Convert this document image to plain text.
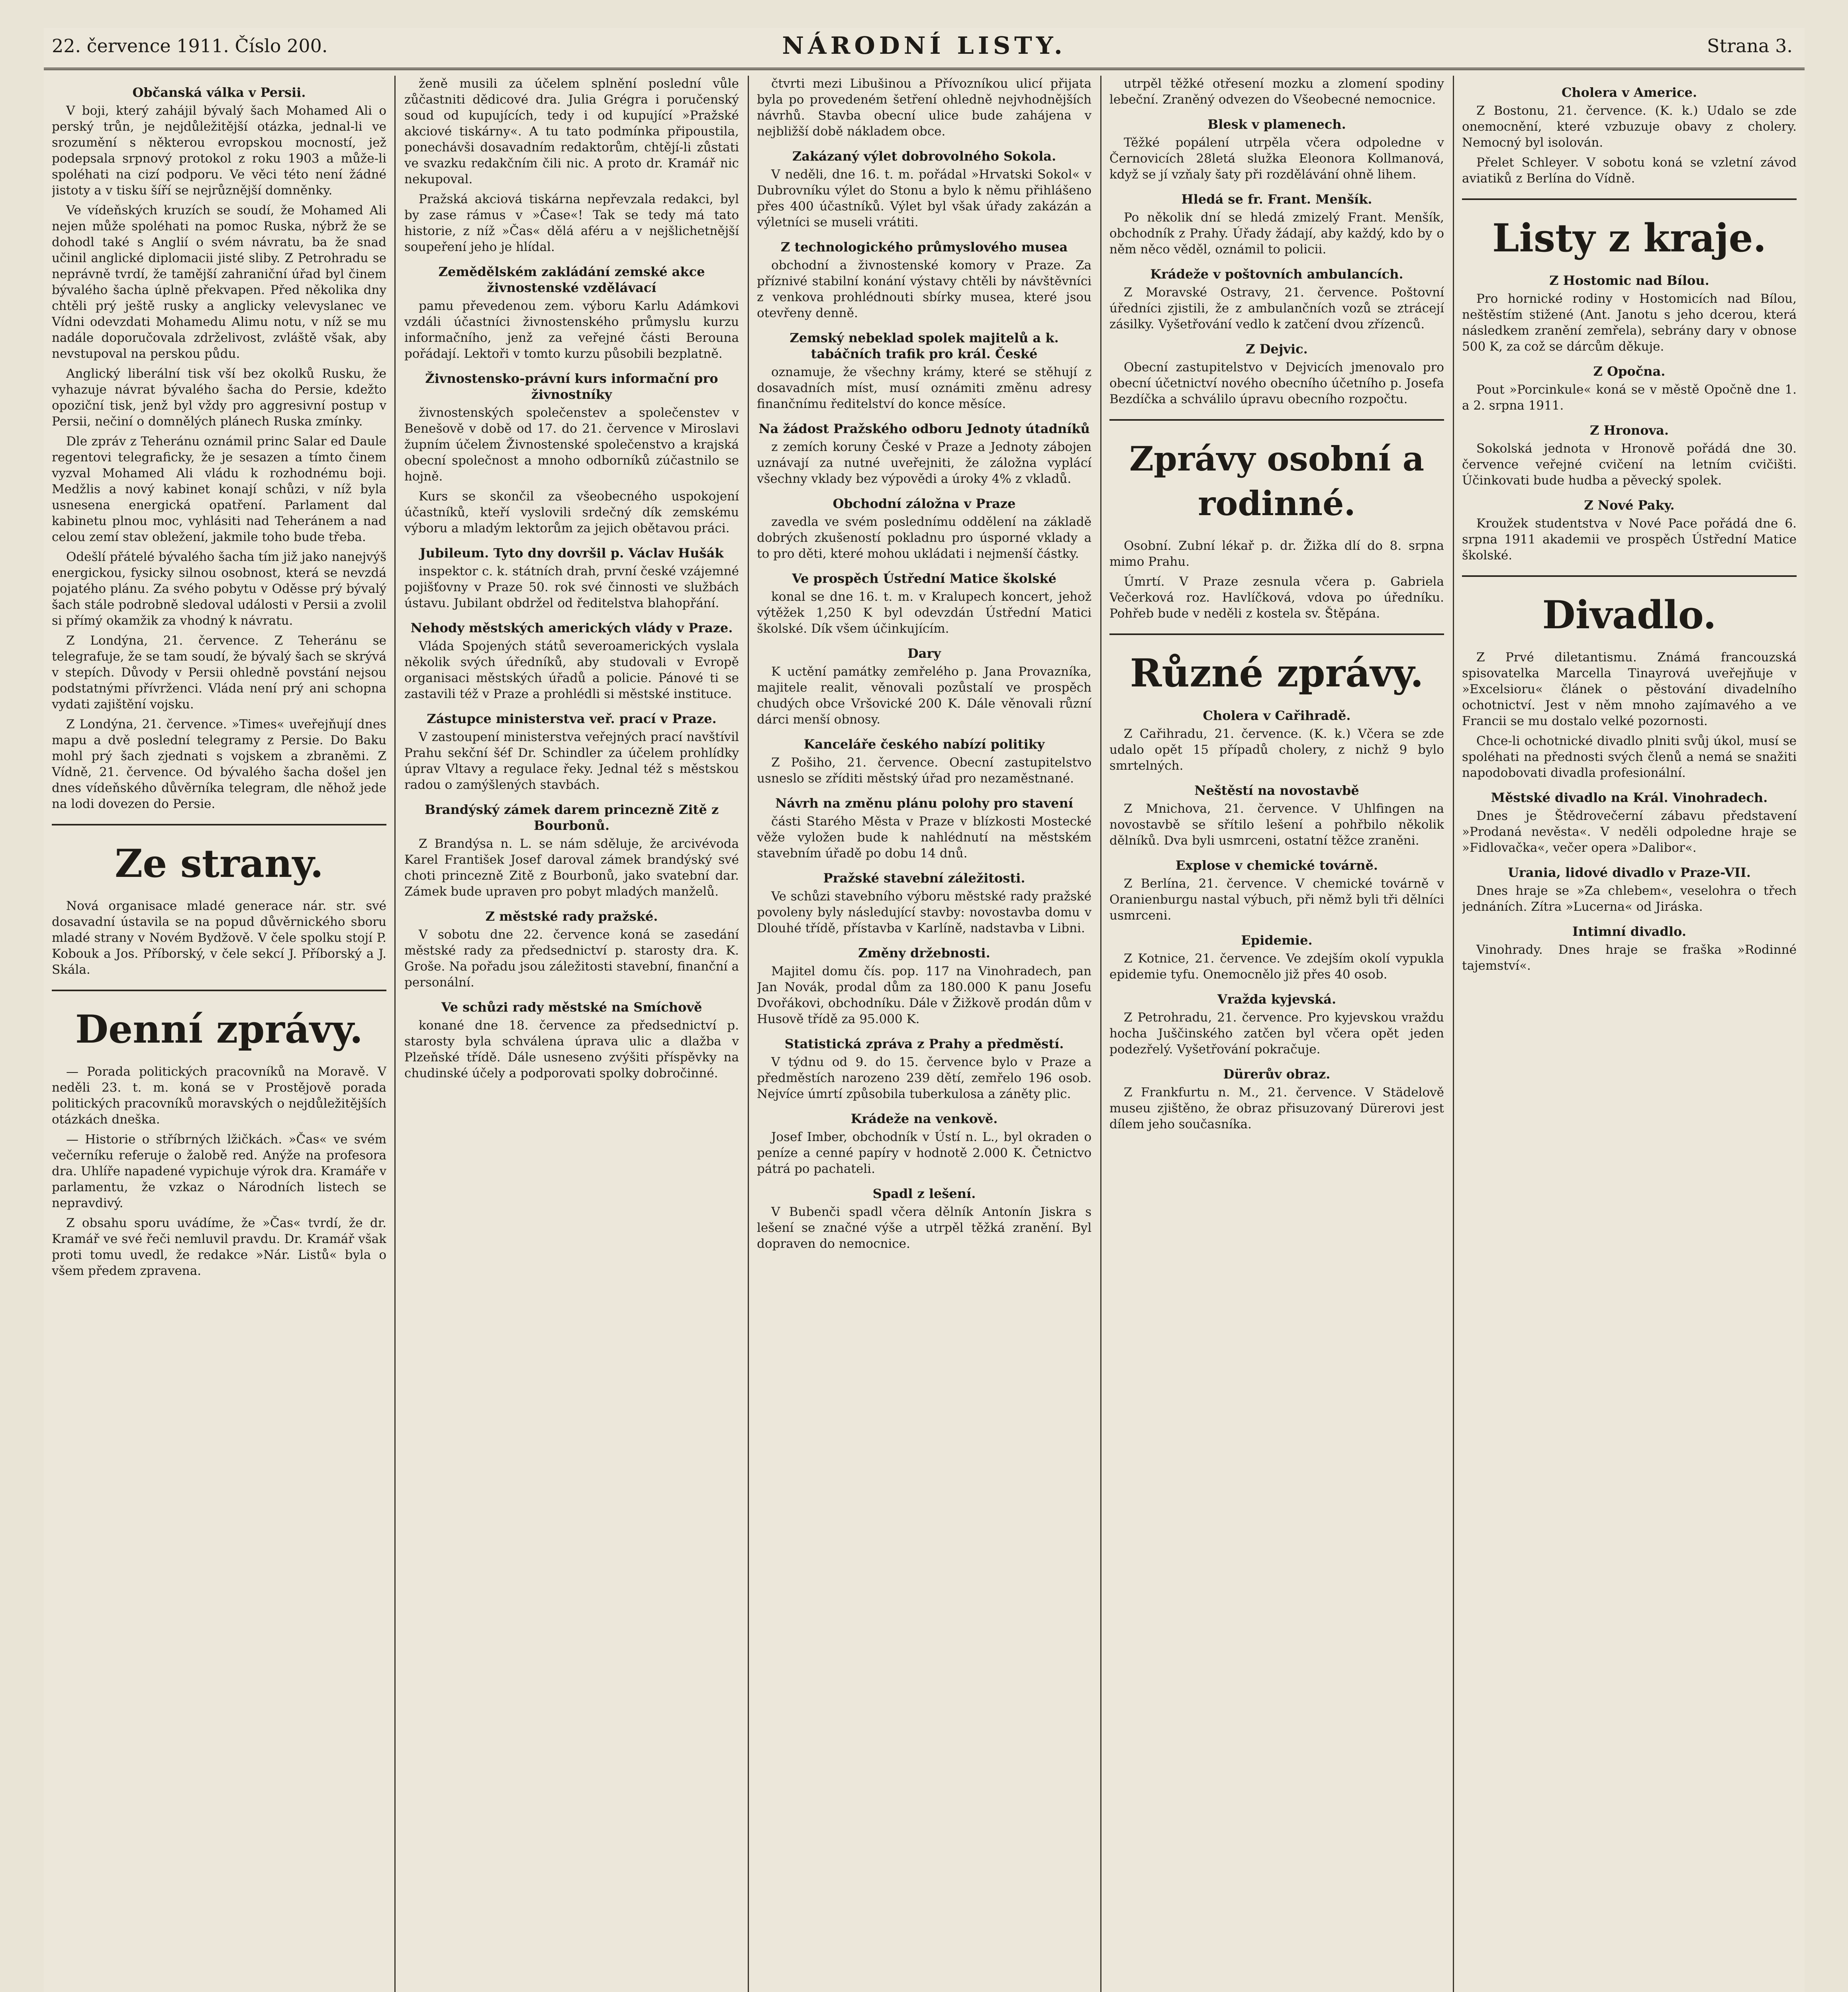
22. července 1911. Číslo 200.	NÁRODNÍ LISTY.	Strana 3.
Občanská válka v Persii.

V boji, který zahájil bývalý šach Mohamed Ali o perský trůn, je nejdůležitější otázka, jednal-li ve srozumění s některou evropskou mocností, jež podepsala srpnový protokol z roku 1903 a může-li spoléhati na cizí podporu. Ve věci této není žádné jistoty a v tisku šíří se nejrůznější domněnky.

Ve vídeňských kruzích se soudí, že Mohamed Ali nejen může spoléhati na pomoc Ruska, nýbrž že se dohodl také s Anglií o svém návratu, ba že snad učinil anglické diplomacii jisté sliby. Z Petrohradu se neprávně tvrdí, že tamější zahraniční úřad byl činem bývalého šacha úplně překvapen. Před několika dny chtěli prý ještě rusky a anglicky velevyslanec ve Vídni odevzdati Mohamedu Alimu notu, v níž se mu nadále doporučovala zdrželivost, zvláště však, aby nevstupoval na perskou půdu.

Anglický liberální tisk vší bez okolků Rusku, že vyhazuje návrat bývalého šacha do Persie, kdežto opoziční tisk, jenž byl vždy pro aggresivní postup v Persii, nečiní o domnělých plánech Ruska zmínky.

Dle zpráv z Teheránu oznámil princ Salar ed Daule regentovi telegraficky, že je sesazen a tímto činem vyzval Mohamed Ali vládu k rozhodnému boji. Medžlis a nový kabinet konají schůzi, v níž byla usnesena energická opatření. Parlament dal kabinetu plnou moc, vyhlásiti nad Teheránem a nad celou zemí stav obležení, jakmile toho bude třeba.

Odešlí přátelé bývalého šacha tím již jako nanejvýš energickou, fysicky silnou osobnost, která se nevzdá pojatého plánu. Za svého pobytu v Oděsse prý bývalý šach stále podrobně sledoval události v Persii a zvolil si přímý okamžik za vhodný k návratu.

Z Londýna, 21. července. Z Teheránu se telegrafuje, že se tam soudí, že bývalý šach se skrývá v stepích. Důvody v Persii ohledně povstání nejsou podstatnými přívrženci. Vláda není prý ani schopna vydati zajištění vojsku.

Z Londýna, 21. července. »Times« uveřejňují dnes mapu a dvě poslední telegramy z Persie. Do Baku mohl prý šach zjednati s vojskem a zbraněmi. Z Vídně, 21. července. Od bývalého šacha došel jen dnes vídeňského důvěrníka telegram, dle něhož jede na lodi dovezen do Persie.

Ze strany.

Nová organisace mladé generace nár. str. své dosavadní ústavila se na popud důvěrnického sboru mladé strany v Novém Bydžově. V čele spolku stojí P. Kobouk a Jos. Příborský, v čele sekcí J. Příborský a J. Skála.

Denní zprávy.

— Porada politických pracovníků na Moravě. V neděli 23. t. m. koná se v Prostějově porada politických pracovníků moravských o nejdůležitějších otázkách dneška.

— Historie o stříbrných lžičkách. »Čas« ve svém večerníku referuje o žalobě red. Anýže na profesora dra. Uhlíře napadené vypichuje výrok dra. Kramáře v parlamentu, že vzkaz o Národních listech se nepravdivý.

Z obsahu sporu uvádíme, že »Čas« tvrdí, že dr. Kramář ve své řeči nemluvil pravdu. Dr. Kramář však proti tomu uvedl, že redakce »Nár. Listů« byla o všem předem zpravena.

ženě musili za účelem splnění poslední vůle zůčastniti dědicové dra. Julia Grégra i poručenský soud od kupujících, tedy i od kupující »Pražské akciové tiskárny«. A tu tato podmínka připoustila, ponechávši dosavadním redaktorům, chtějí-li zůstati ve svazku redakčním čili nic. A proto dr. Kramář nic nekupoval.

Pražská akciová tiskárna nepřevzala redakci, byl by zase rámus v »Čase«! Tak se tedy má tato historie, z níž »Čas« dělá aféru a v nejšlichetnější soupeření jeho je hlídal.

Zemědělském zakládání zemské akce živnostenské vzdělávací

pamu převedenou zem. výboru Karlu Adámkovi vzdáli účastníci živnostenského průmyslu kurzu informačního, jenž za veřejné části Berouna pořádají. Lektoři v tomto kurzu působili bezplatně.

Živnostensko-právní kurs informační pro živnostníky

živnostenských společenstev a společenstev v Benešově v době od 17. do 21. července v Miroslavi župním účelem Živnostenské společenstvo a krajská obecní společnost a mnoho odborníků zúčastnilo se hojně.

Kurs se skončil za všeobecného uspokojení účastníků, kteří vyslovili srdečný dík zemskému výboru a mladým lektorům za jejich obětavou práci.

Jubileum. Tyto dny dovršil p. Václav Hušák

inspektor c. k. státních drah, první české vzájemné pojišťovny v Praze 50. rok své činnosti ve službách ústavu. Jubilant obdržel od ředitelstva blahopřání.

Nehody městských amerických vlády v Praze.

Vláda Spojených států severoamerických vyslala několik svých úředníků, aby studovali v Evropě organisaci městských úřadů a policie. Pánové ti se zastavili též v Praze a prohlédli si městské instituce.

Zástupce ministerstva veř. prací v Praze.

V zastoupení ministerstva veřejných prací navštívil Prahu sekční šéf Dr. Schindler za účelem prohlídky úprav Vltavy a regulace řeky. Jednal též s městskou radou o zamýšlených stavbách.

Brandýský zámek darem princezně Zitě z Bourbonů.

Z Brandýsa n. L. se nám sděluje, že arcivévoda Karel František Josef daroval zámek brandýský své choti princezně Zitě z Bourbonů, jako svatební dar. Zámek bude upraven pro pobyt mladých manželů.

Z městské rady pražské.

V sobotu dne 22. července koná se zasedání městské rady za předsednictví p. starosty dra. K. Groše. Na pořadu jsou záležitosti stavební, finanční a personální.

Ve schůzi rady městské na Smíchově

konané dne 18. července za předsednictví p. starosty byla schválena úprava ulic a dlažba v Plzeňské třídě. Dále usneseno zvýšiti příspěvky na chudinské účely a podporovati spolky dobročinné.

čtvrti mezi Libušinou a Přívozníkou ulicí přijata byla po provedeném šetření ohledně nejvhodnějších návrhů. Stavba obecní ulice bude zahájena v nejbližší době nákladem obce.

Zakázaný výlet dobrovolného Sokola.

V neděli, dne 16. t. m. pořádal »Hrvatski Sokol« v Dubrovníku výlet do Stonu a bylo k němu přihlášeno přes 400 účastníků. Výlet byl však úřady zakázán a výletníci se museli vrátiti.

Z technologického průmyslového musea

obchodní a živnostenské komory v Praze. Za příznivé stabilní konání výstavy chtěli by návštěvníci z venkova prohlédnouti sbírky musea, které jsou otevřeny denně.

Zemský nebeklad spolek majitelů a k. tabáčních trafik pro král. České

oznamuje, že všechny krámy, které se stěhují z dosavadních míst, musí oznámiti změnu adresy finančnímu ředitelství do konce měsíce.

Na žádost Pražského odboru Jednoty útadníků

z zemích koruny České v Praze a Jednoty zábojen uznávají za nutné uveřejniti, že záložna vyplácí všechny vklady bez výpovědi a úroky 4% z vkladů.

Obchodní záložna v Praze

zavedla ve svém poslednímu oddělení na základě dobrých zkušeností pokladnu pro úsporné vklady a to pro děti, které mohou ukládati i nejmenší částky.

Ve prospěch Ústřední Matice školské

konal se dne 16. t. m. v Kralupech koncert, jehož výtěžek 1,250 K byl odevzdán Ústřední Matici školské. Dík všem účinkujícím.

Dary

K uctění památky zemřelého p. Jana Provazníka, majitele realit, věnovali pozůstalí ve prospěch chudých obce Vršovické 200 K. Dále věnovali různí dárci menší obnosy.

Kanceláře českého nabízí politiky

Z Pošiho, 21. července. Obecní zastupitelstvo usneslo se zříditi městský úřad pro nezaměstnané.

Návrh na změnu plánu polohy pro stavení

části Starého Města v Praze v blízkosti Mostecké věže vyložen bude k nahlédnutí na městském stavebním úřadě po dobu 14 dnů.

Pražské stavební záležitosti.

Ve schůzi stavebního výboru městské rady pražské povoleny byly následující stavby: novostavba domu v Dlouhé třídě, přístavba v Karlíně, nadstavba v Libni.

Změny držebnosti.

Majitel domu čís. pop. 117 na Vinohradech, pan Jan Novák, prodal dům za 180.000 K panu Josefu Dvořákovi, obchodníku. Dále v Žižkově prodán dům v Husově třídě za 95.000 K.

Statistická zpráva z Prahy a předměstí.

V týdnu od 9. do 15. července bylo v Praze a předměstích narozeno 239 dětí, zemřelo 196 osob. Nejvíce úmrtí způsobila tuberkulosa a záněty plic.

Krádeže na venkově.

Josef Imber, obchodník v Ústí n. L., byl okraden o peníze a cenné papíry v hodnotě 2.000 K. Četnictvo pátrá po pachateli.

Spadl z lešení.

V Bubenči spadl včera dělník Antonín Jiskra s lešení se značné výše a utrpěl těžká zranění. Byl dopraven do nemocnice.

utrpěl těžké otřesení mozku a zlomení spodiny lebeční. Zraněný odvezen do Všeobecné nemocnice.

Blesk v plamenech.

Těžké popálení utrpěla včera odpoledne v Černovicích 28letá služka Eleonora Kollmanová, když se jí vzňaly šaty při rozdělávání ohně lihem.

Hledá se fr. Frant. Menšík.

Po několik dní se hledá zmizelý Frant. Menšík, obchodník z Prahy. Úřady žádají, aby každý, kdo by o něm něco věděl, oznámil to policii.

Krádeže v poštovních ambulancích.

Z Moravské Ostravy, 21. července. Poštovní úředníci zjistili, že z ambulančních vozů se ztrácejí zásilky. Vyšetřování vedlo k zatčení dvou zřízenců.

Z Dejvic.

Obecní zastupitelstvo v Dejvicích jmenovalo pro obecní účetnictví nového obecního účetního p. Josefa Bezdíčka a schválilo úpravu obecního rozpočtu.

Zprávy osobní a rodinné.

Osobní. Zubní lékař p. dr. Žižka dlí do 8. srpna mimo Prahu.

Úmrtí. V Praze zesnula včera p. Gabriela Večerková roz. Havlíčková, vdova po úředníku. Pohřeb bude v neděli z kostela sv. Štěpána.

Různé zprávy.
Cholera v Cařihradě.

Z Cařihradu, 21. července. (K. k.) Včera se zde udalo opět 15 případů cholery, z nichž 9 bylo smrtelných.

Neštěstí na novostavbě

Z Mnichova, 21. července. V Uhlfingen na novostavbě se sřítilo lešení a pohřbilo několik dělníků. Dva byli usmrceni, ostatní těžce zraněni.

Explose v chemické továrně.

Z Berlína, 21. července. V chemické továrně v Oranienburgu nastal výbuch, při němž byli tři dělníci usmrceni.

Epidemie.

Z Kotnice, 21. července. Ve zdejším okolí vypukla epidemie tyfu. Onemocnělo již přes 40 osob.

Vražda kyjevská.

Z Petrohradu, 21. července. Pro kyjevskou vraždu hocha Juščinského zatčen byl včera opět jeden podezřelý. Vyšetřování pokračuje.

Dürerův obraz.

Z Frankfurtu n. M., 21. července. V Städelově museu zjištěno, že obraz přisuzovaný Dürerovi jest dílem jeho současníka.

Cholera v Americe.

Z Bostonu, 21. července. (K. k.) Udalo se zde onemocnění, které vzbuzuje obavy z cholery. Nemocný byl isolován.

Přelet Schleyer. V sobotu koná se vzletní závod aviatiků z Berlína do Vídně.

Listy z kraje.
Z Hostomic nad Bílou.

Pro hornické rodiny v Hostomicích nad Bílou, neštěstím stižené (Ant. Janotu s jeho dcerou, která následkem zranění zemřela), sebrány dary v obnose 500 K, za což se dárcům děkuje.

Z Opočna.

Pout »Porcinkule« koná se v městě Opočně dne 1. a 2. srpna 1911.

Z Hronova.

Sokolská jednota v Hronově pořádá dne 30. července veřejné cvičení na letním cvičišti. Účinkovati bude hudba a pěvecký spolek.

Z Nové Paky.

Kroužek studentstva v Nové Pace pořádá dne 6. srpna 1911 akademii ve prospěch Ústřední Matice školské.

Divadlo.

Z Prvé diletantismu. Známá francouzská spisovatelka Marcella Tinayrová uveřejňuje v »Excelsioru« článek o pěstování divadelního ochotnictví. Jest v něm mnoho zajímavého a ve Francii se mu dostalo velké pozornosti.

Chce-li ochotnické divadlo plniti svůj úkol, musí se spoléhati na přednosti svých členů a nemá se snažiti napodobovati divadla profesionální.

Městské divadlo na Král. Vinohradech.

Dnes je Štědrovečerní zábavu představení »Prodaná nevěsta«. V neděli odpoledne hraje se »Fidlovačka«, večer opera »Dalibor«.

Urania, lidové divadlo v Praze-VII.

Dnes hraje se »Za chlebem«, veselohra o třech jednáních. Zítra »Lucerna« od Jiráska.

Intimní divadlo.

Vinohrady. Dnes hraje se fraška »Rodinné tajemství«.
